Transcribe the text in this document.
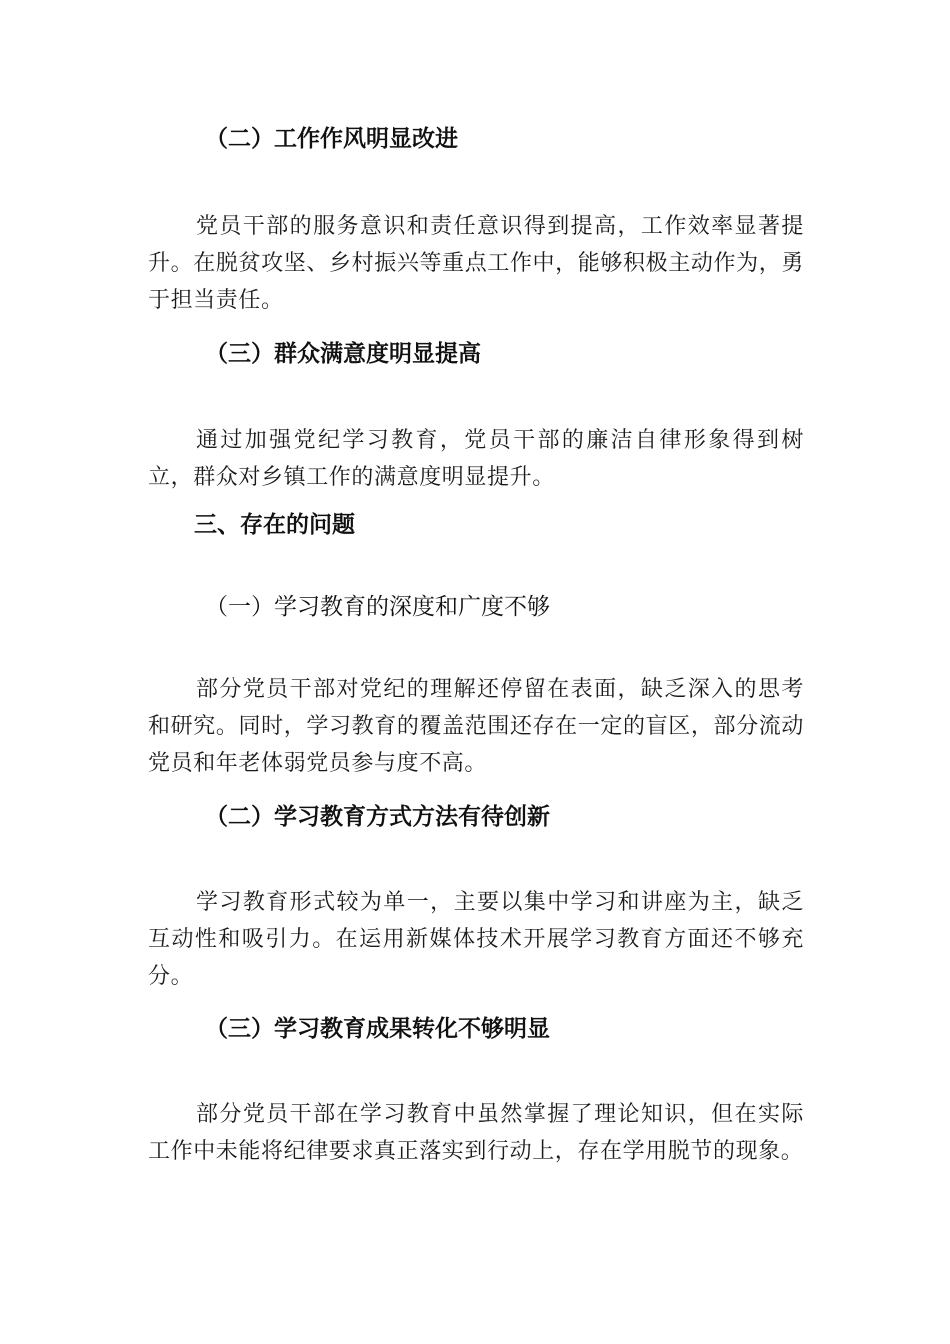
（二）工作作风明显改进
党员干部的服务意识和责任意识得到提高，工作效率显著提升。在脱贫攻坚、乡村振兴等重点工作中，能够积极主动作为，勇于担当责任。
（三）群众满意度明显提高
通过加强党纪学习教育，党员干部的廉洁自律形象得到树立，群众对乡镇工作的满意度明显提升。
三、存在的问题
（一）学习教育的深度和广度不够
部分党员干部对党纪的理解还停留在表面，缺乏深入的思考和研究。同时，学习教育的覆盖范围还存在一定的盲区，部分流动党员和年老体弱党员参与度不高。
（二）学习教育方式方法有待创新
学习教育形式较为单一，主要以集中学习和讲座为主，缺乏互动性和吸引力。在运用新媒体技术开展学习教育方面还不够充分。
（三）学习教育成果转化不够明显
部分党员干部在学习教育中虽然掌握了理论知识，但在实际工作中未能将纪律要求真正落实到行动上，存在学用脱节的现象。
